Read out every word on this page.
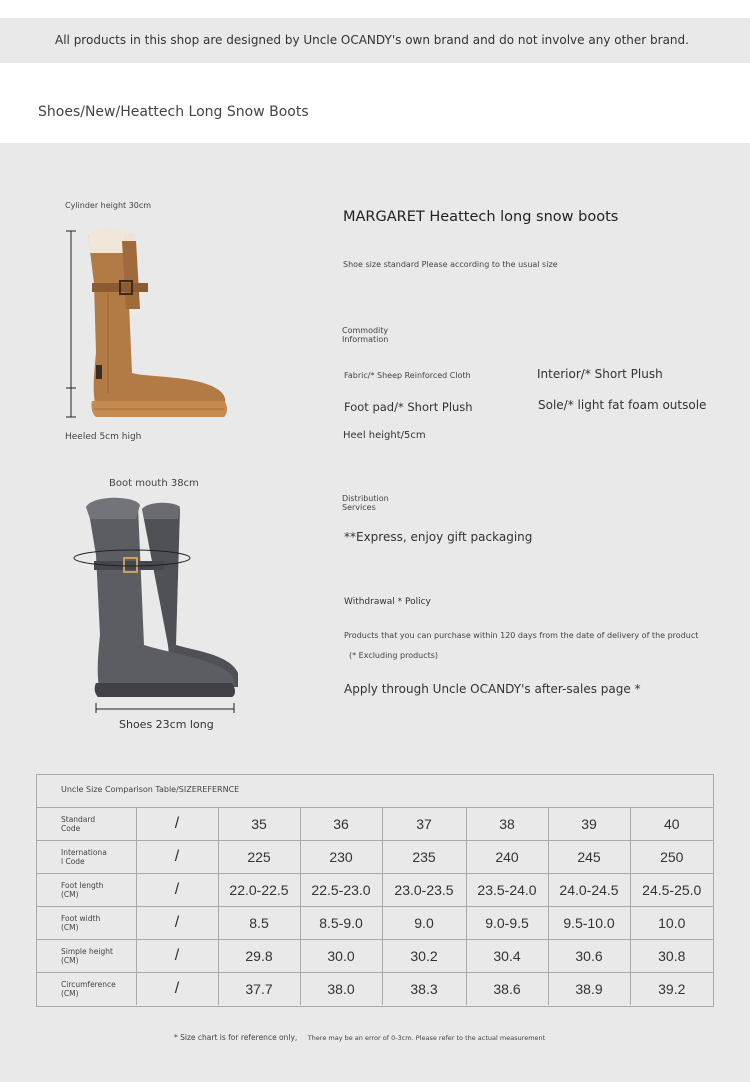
All products in this shop are designed by Uncle OCANDY's own brand and do not involve any other brand.
Shoes/New/Heattech Long Snow Boots
Cylinder height 30cm
Heeled 5cm high
Boot mouth 38cm
Shoes 23cm long
MARGARET Heattech long snow boots
Shoe size standard Please according to the usual size
Commodity
Information
Fabric/* Sheep Reinforced Cloth	Interior/* Short Plush
Foot pad/* Short Plush	Sole/* light fat foam outsole
Heel height/5cm
Distribution
Services
**Express, enjoy gift packaging
Withdrawal * Policy
Products that you can purchase within 120 days from the date of delivery of the product
(* Excluding products)
Apply through Uncle OCANDY's after-sales page *
Uncle Size Comparison Table/SIZEREFERNCE
Standard
Code	/	35	36	37	38	39	40

Internationa
l Code	/	225	230	235	240	245	250

Foot length
(CM)	/	22.0-22.5	22.5-23.0	23.0-23.5	23.5-24.0	24.0-24.5	24.5-25.0

Foot width
(CM)	/	8.5	8.5-9.0	9.0	9.0-9.5	9.5-10.0	10.0

Simple height
(CM)	/	29.8	30.0	30.2	30.4	30.6	30.8

Circumference
(CM)	/	37.7	38.0	38.3	38.6	38.9	39.2
* Size chart is for reference only, There may be an error of 0-3cm. Please refer to the actual measurement
